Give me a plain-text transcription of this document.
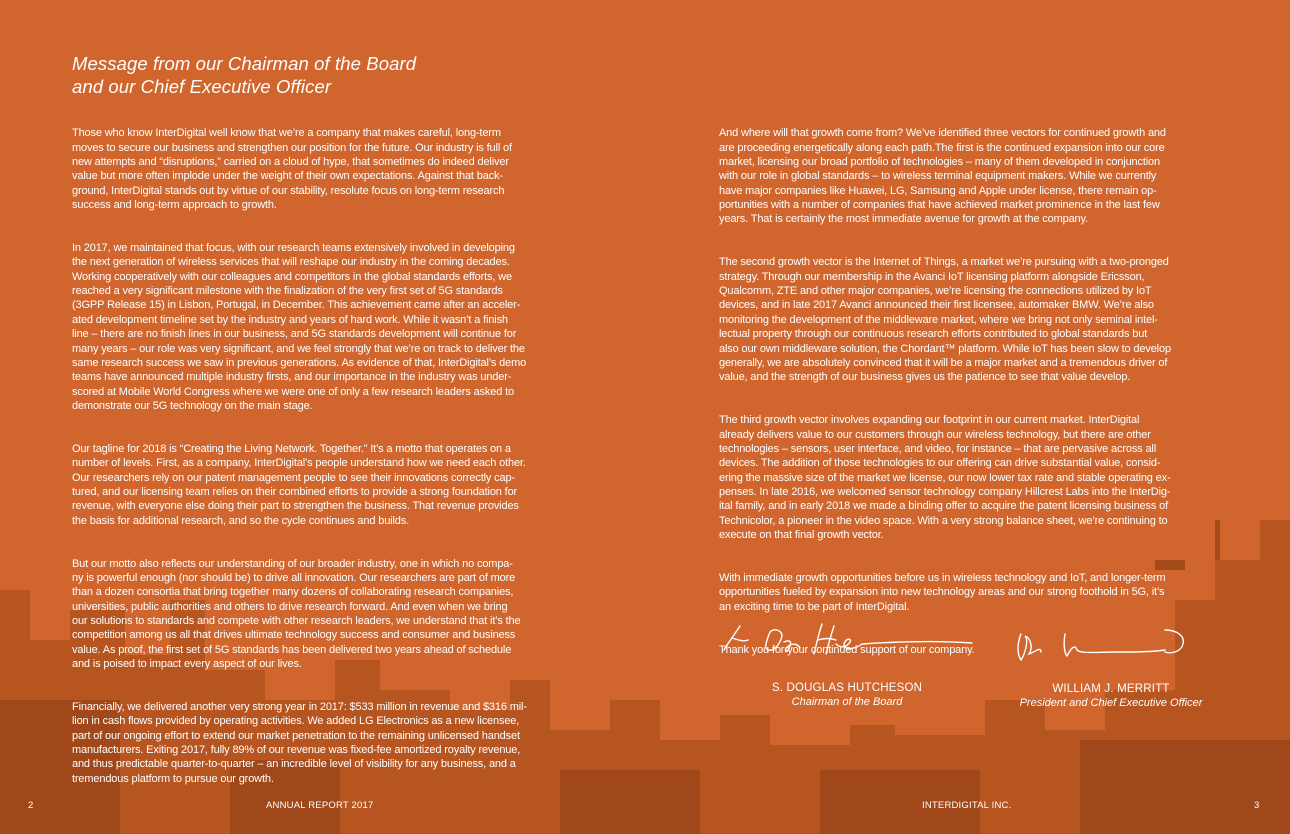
Message from our Chairman of the Board
and our Chief Executive Officer

Those who know InterDigital well know that we’re a company that makes careful, long-term
moves to secure our business and strengthen our position for the future. Our industry is full of
new attempts and “disruptions,” carried on a cloud of hype, that sometimes do indeed deliver
value but more often implode under the weight of their own expectations. Against that back-
ground, InterDigital stands out by virtue of our stability, resolute focus on long-term research
success and long-term approach to growth.

In 2017, we maintained that focus, with our research teams extensively involved in developing
the next generation of wireless services that will reshape our industry in the coming decades.
Working cooperatively with our colleagues and competitors in the global standards efforts, we
reached a very significant milestone with the finalization of the very first set of 5G standards
(3GPP Release 15) in Lisbon, Portugal, in December. This achievement came after an acceler-
ated development timeline set by the industry and years of hard work. While it wasn’t a finish
line – there are no finish lines in our business, and 5G standards development will continue for
many years – our role was very significant, and we feel strongly that we’re on track to deliver the
same research success we saw in previous generations. As evidence of that, InterDigital’s demo
teams have announced multiple industry firsts, and our importance in the industry was under-
scored at Mobile World Congress where we were one of only a few research leaders asked to
demonstrate our 5G technology on the main stage.

Our tagline for 2018 is “Creating the Living Network. Together.” It’s a motto that operates on a
number of levels. First, as a company, InterDigital’s people understand how we need each other.
Our researchers rely on our patent management people to see their innovations correctly cap-
tured, and our licensing team relies on their combined efforts to provide a strong foundation for
revenue, with everyone else doing their part to strengthen the business. That revenue provides
the basis for additional research, and so the cycle continues and builds.

But our motto also reflects our understanding of our broader industry, one in which no compa-
ny is powerful enough (nor should be) to drive all innovation. Our researchers are part of more
than a dozen consortia that bring together many dozens of collaborating research companies,
universities, public authorities and others to drive research forward. And even when we bring
our solutions to standards and compete with other research leaders, we understand that it’s the
competition among us all that drives ultimate technology success and consumer and business
value. As proof, the first set of 5G standards has been delivered two years ahead of schedule
and is poised to impact every aspect of our lives.

Financially, we delivered another very strong year in 2017: $533 million in revenue and $316 mil-
lion in cash flows provided by operating activities. We added LG Electronics as a new licensee,
part of our ongoing effort to extend our market penetration to the remaining unlicensed handset
manufacturers. Exiting 2017, fully 89% of our revenue was fixed-fee amortized royalty revenue,
and thus predictable quarter-to-quarter – an incredible level of visibility for any business, and a
tremendous platform to pursue our growth.

And where will that growth come from? We’ve identified three vectors for continued growth and
are proceeding energetically along each path.The first is the continued expansion into our core
market, licensing our broad portfolio of technologies – many of them developed in conjunction
with our role in global standards – to wireless terminal equipment makers. While we currently
have major companies like Huawei, LG, Samsung and Apple under license, there remain op-
portunities with a number of companies that have achieved market prominence in the last few
years. That is certainly the most immediate avenue for growth at the company.

The second growth vector is the Internet of Things, a market we’re pursuing with a two-pronged
strategy. Through our membership in the Avanci IoT licensing platform alongside Ericsson,
Qualcomm, ZTE and other major companies, we’re licensing the connections utilized by IoT
devices, and in late 2017 Avanci announced their first licensee, automaker BMW. We’re also
monitoring the development of the middleware market, where we bring not only seminal intel-
lectual property through our continuous research efforts contributed to global standards but
also our own middleware solution, the Chordant™ platform. While IoT has been slow to develop
generally, we are absolutely convinced that it will be a major market and a tremendous driver of
value, and the strength of our business gives us the patience to see that value develop.

The third growth vector involves expanding our footprint in our current market. InterDigital
already delivers value to our customers through our wireless technology, but there are other
technologies – sensors, user interface, and video, for instance – that are pervasive across all
devices. The addition of those technologies to our offering can drive substantial value, consid-
ering the massive size of the market we license, our now lower tax rate and stable operating ex-
penses. In late 2016, we welcomed sensor technology company Hillcrest Labs into the InterDig-
ital family, and in early 2018 we made a binding offer to acquire the patent licensing business of
Technicolor, a pioneer in the video space. With a very strong balance sheet, we’re continuing to
execute on that final growth vector.

With immediate growth opportunities before us in wireless technology and IoT, and longer-term
opportunities fueled by expansion into new technology areas and our strong foothold in 5G, it’s
an exciting time to be part of InterDigital.

Thank you for your continued support of our company.

S. DOUGLAS HUTCHESON
Chairman of the Board
WILLIAM J. MERRITT
President and Chief Executive Officer
2	ANNUAL REPORT 2017	INTERDIGITAL INC.	3
